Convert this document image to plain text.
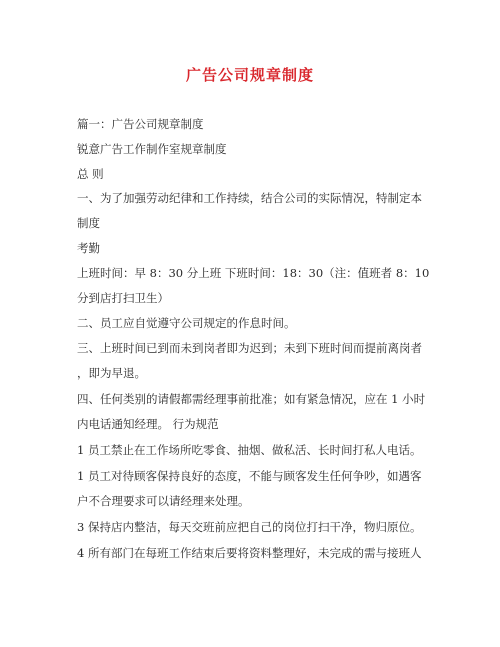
广告公司规章制度
篇一：广告公司规章制度
锐意广告工作制作室规章制度
总 则
一、为了加强劳动纪律和工作持续，结合公司的实际情况，特制定本
制度
考勤
上班时间：早 8：30 分上班 下班时间：18：30（注：值班者 8：10
分到店打扫卫生）
二、员工应自觉遵守公司规定的作息时间。
三、上班时间已到而未到岗者即为迟到；未到下班时间而提前离岗者
，即为早退。
四、任何类别的请假都需经理事前批准；如有紧急情况，应在 1 小时
内电话通知经理。 行为规范
1 员工禁止在工作场所吃零食、抽烟、做私活、长时间打私人电话。
1 员工对待顾客保持良好的态度，不能与顾客发生任何争吵，如遇客
户不合理要求可以请经理来处理。
3 保持店内整洁，每天交班前应把自己的岗位打扫干净，物归原位。
4 所有部门在每班工作结束后要将资料整理好，未完成的需与接班人
